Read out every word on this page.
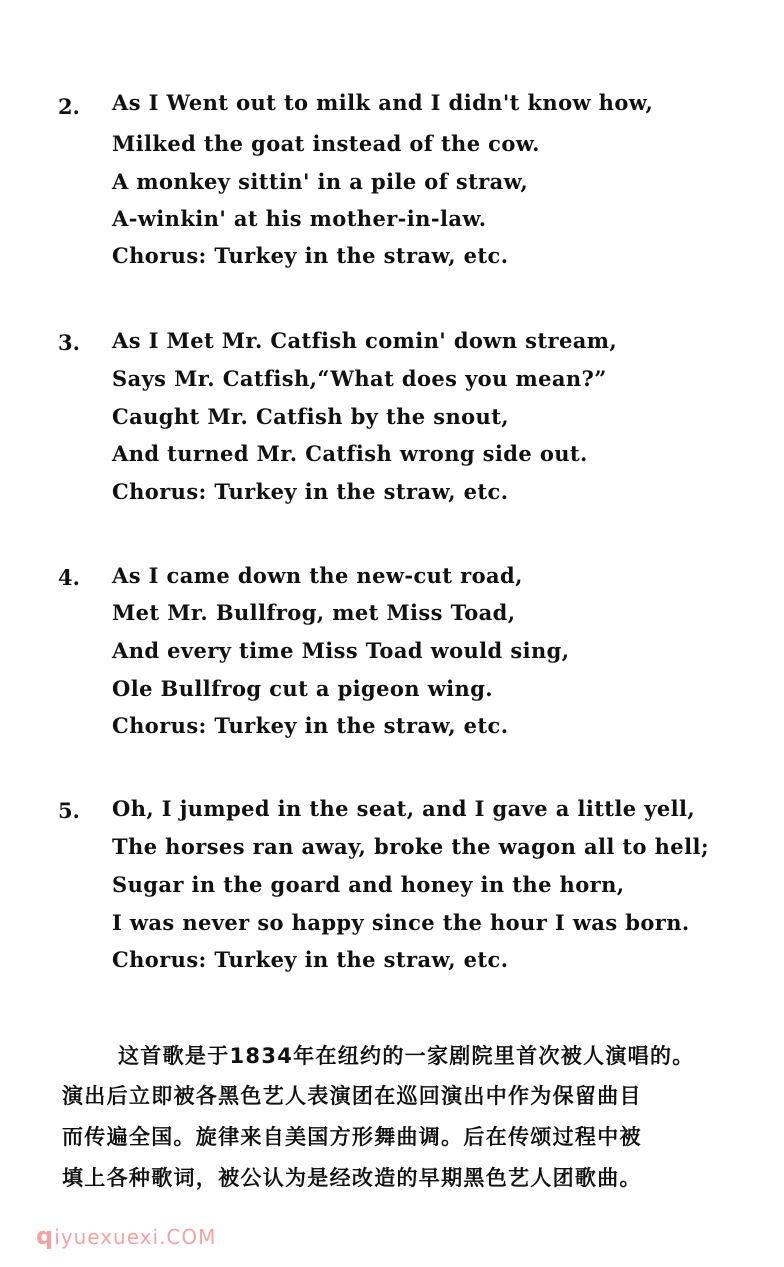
2. As I Went out to milk and I didn't know how,
Milked the goat instead of the cow.
A monkey sittin' in a pile of straw,
A-winkin' at his mother-in-law.
Chorus: Turkey in the straw, etc.
3. As I Met Mr. Catfish comin' down stream,
Says Mr. Catfish,“What does you mean?”
Caught Mr. Catfish by the snout,
And turned Mr. Catfish wrong side out.
Chorus: Turkey in the straw, etc.
4. As I came down the new-cut road,
Met Mr. Bullfrog, met Miss Toad,
And every time Miss Toad would sing,
Ole Bullfrog cut a pigeon wing.
Chorus: Turkey in the straw, etc.
5. Oh, I jumped in the seat, and I gave a little yell,
The horses ran away, broke the wagon all to hell;
Sugar in the goard and honey in the horn,
I was never so happy since the hour I was born.
Chorus: Turkey in the straw, etc.
这首歌是于1834年在纽约的一家剧院里首次被人演唱的。
演出后立即被各黑色艺人表演团在巡回演出中作为保留曲目
而传遍全国。旋律来自美国方形舞曲调。后在传颂过程中被
填上各种歌词，被公认为是经改造的早期黑色艺人团歌曲。
qiyuexuexi.COM
